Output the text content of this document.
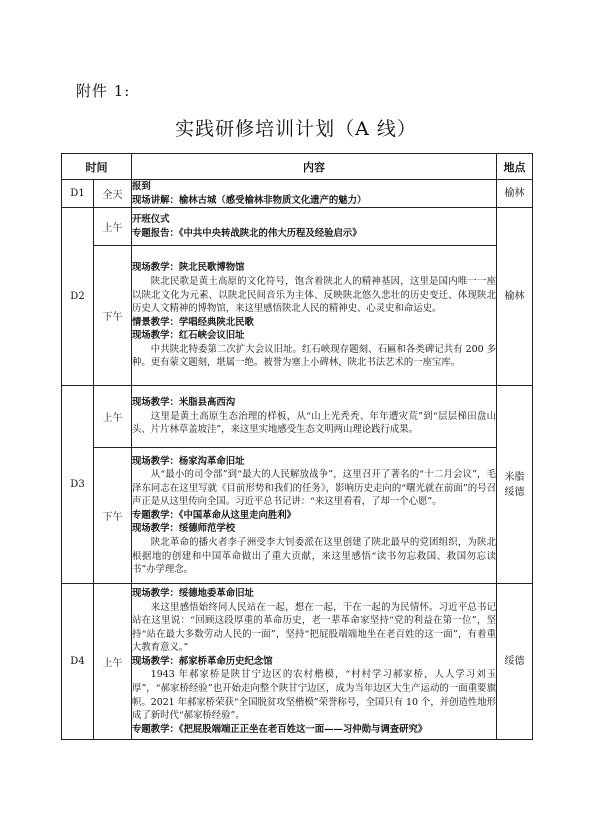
附件 1:
实践研修培训计划（A 线）
时间		内容	地点
D1	全天	报到
现场讲解：榆林古城（感受榆林非物质文化遗产的魅力）	榆林
D2	上午	开班仪式
专题报告：《中共中央转战陕北的伟大历程及经验启示》	榆林
	下午	现场教学：陕北民歌博物馆
陕北民歌是黄土高原的文化符号，饱含着陕北人的精神基因，这里是国内唯一一座以陕北文化为元素、以陕北民间音乐为主体、反映陕北悠久悲壮的历史变迁、体现陕北历史人文精神的博物馆，来这里感悟陕北人民的精神史、心灵史和命运史。
情景教学：学唱经典陕北民歌
现场教学：红石峡会议旧址
中共陕北特委第二次扩大会议旧址。红石峡现存题刻、石匾和各类碑记共有 200 多种。更有蒙文题刻，堪属一绝。被誉为塞上小碑林，陕北书法艺术的一座宝库。	

D3	上午	现场教学：米脂县高西沟
这里是黄土高原生态治理的样板，从“山上光秃秃、年年遭灾荒”到“层层梯田盘山头、片片林草盖坡洼”，来这里实地感受生态文明两山理论践行成果。	米脂
绥德

	下午	现场教学：杨家沟革命旧址
从“最小的司令部”到“最大的人民解放战争”，这里召开了著名的“十二月会议”，毛泽东同志在这里写就《目前形势和我们的任务》，影响历史走向的“曙光就在前面”的号召声正是从这里传向全国。习近平总书记讲：“来这里看看，了却一个心愿”。
专题教学：《中国革命从这里走向胜利》
现场教学：绥德师范学校
陕北革命的播火者李子洲受李大钊委派在这里创建了陕北最早的党团组织，为陕北根据地的创建和中国革命做出了重大贡献，来这里感悟“读书勿忘救国、救国勿忘读书”办学理念。	

D4	上午	现场教学：绥德地委革命旧址
来这里感悟始终同人民站在一起，想在一起，干在一起的为民情怀。习近平总书记站在这里说：“回顾这段厚重的革命历史，老一辈革命家坚持“党的利益在第一位”，坚持“站在最大多数劳动人民的一面”，坚持“把屁股端端地坐在老百姓的这一面”，有着重大教育意义。”
现场教学：郝家桥革命历史纪念馆
1943 年郝家桥是陕甘宁边区的农村楷模，“村村学习郝家桥，人人学习刘玉厚”，“郝家桥经验”也开始走向整个陕甘宁边区，成为当年边区大生产运动的一面重要旗帜。2021 年郝家桥荣获“全国脱贫攻坚楷模”荣誉称号，全国只有 10 个，并创造性地形成了新时代“郝家桥经验”。
专题教学：《把屁股端端正正坐在老百姓这一面——习仲勋与调查研究》	绥德
